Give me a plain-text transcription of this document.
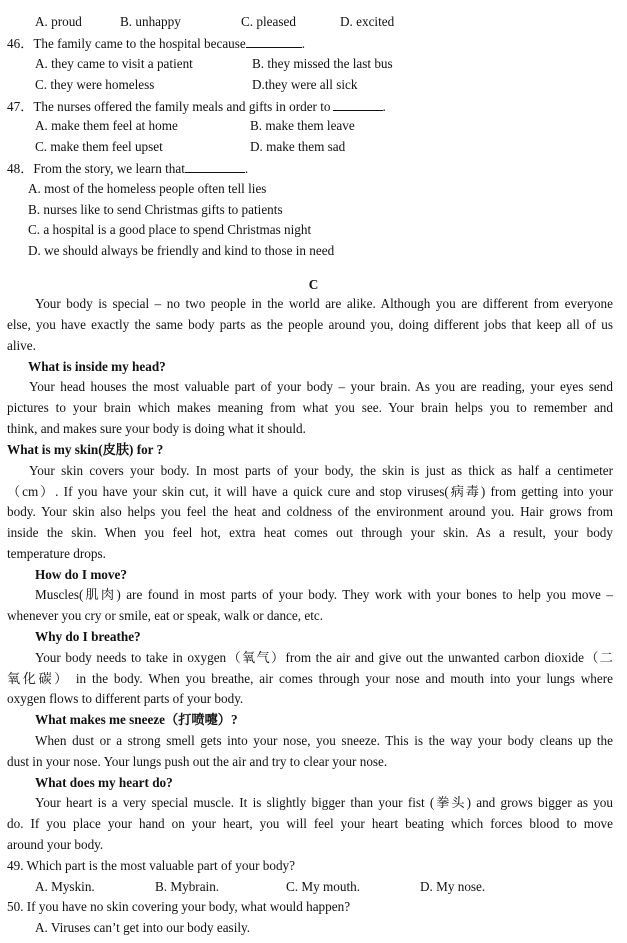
A. proud	B. unhappy	C. pleased	D. excited
46．The family came to the hospital because	.
A. they came to visit a patient	B. they missed the last bus
C. they were homeless	D.they were all sick
47．The nurses offered the family meals and gifts in order to	.
A. make them feel at home	B. make them leave
C. make them feel upset	D. make them sad
48．From the story, we learn that	.
A. most of the homeless people often tell lies
B. nurses like to send Christmas gifts to patients
C. a hospital is a good place to spend Christmas night
D. we should always be friendly and kind to those in need
C
Your body is special – no two people in the world are alike. Although you are different from everyone
else, you have exactly the same body parts as the people around you, doing different jobs that keep all of us
alive.
What is inside my head?
Your head houses the most valuable part of your body – your brain. As you are reading, your eyes send
pictures to your brain which makes meaning from what you see. Your brain helps you to remember and
think, and makes sure your body is doing what it should.
What is my skin(皮肤) for ?
Your skin covers your body. In most parts of your body, the skin is just as thick as half a centimeter
（cm）. If you have your skin cut, it will have a quick cure and stop viruses(病毒) from getting into your
body. Your skin also helps you feel the heat and coldness of the environment around you. Hair grows from
inside the skin. When you feel hot, extra heat comes out through your skin. As a result, your body
temperature drops.
How do I move?
Muscles(肌肉) are found in most parts of your body. They work with your bones to help you move –
whenever you cry or smile, eat or speak, walk or dance, etc.
Why do I breathe?
Your body needs to take in oxygen（氧气）from the air and give out the unwanted carbon dioxide（二
氧化碳） in the body. When you breathe, air comes through your nose and mouth into your lungs where
oxygen flows to different parts of your body.
What makes me sneeze（打喷嚏）?
When dust or a strong smell gets into your nose, you sneeze. This is the way your body cleans up the
dust in your nose. Your lungs push out the air and try to clear your nose.
What does my heart do?
Your heart is a very special muscle. It is slightly bigger than your fist (拳头) and grows bigger as you
do. If you place your hand on your heart, you will feel your heart beating which forces blood to move
around your body.
49. Which part is the most valuable part of your body?
A. Myskin.	B. Mybrain.	C. My mouth.	D. My nose.
50. If you have no skin covering your body, what would happen?
A. Viruses can’t get into our body easily.
